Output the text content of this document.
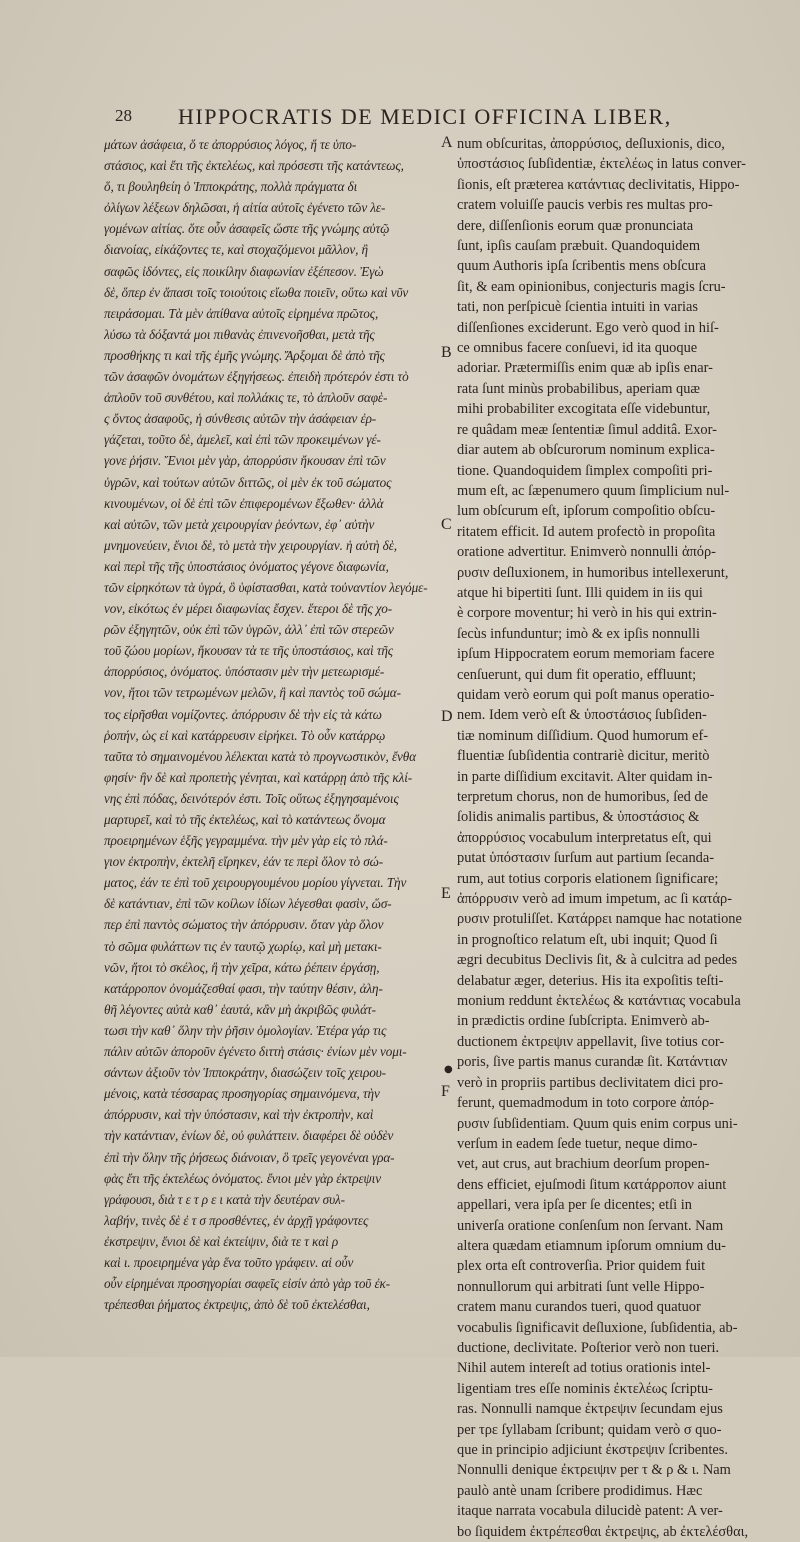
28 HIPPOCRATIS DE MEDICI OFFICINA LIBER,
μάτων ἀσάφεια, ὅ τε ἀπορρύσιος λόγος, ἥ τε ὑπο-
στάσιος, καὶ ἔτι τῆς ἐκτελέως, καὶ πρόσεστι τῆς κατάντεως,
ὅ, τι βουληθείη ὁ Ἱπποκράτης, πολλὰ πράγματα δι
ὀλίγων λέξεων δηλῶσαι, ἡ αἰτία αὐτοῖς ἐγένετο τῶν λε-
γομένων αἰτίας. ὅτε οὖν ἀσαφεῖς ὥστε τῆς γνώμης αὐτῷ
διανοίας, εἰκάζοντες τε, καὶ στοχαζόμενοι μᾶλλον, ἢ
σαφῶς ἰδόντες, εἰς ποικίλην διαφωνίαν ἐξέπεσον. Ἐγὼ
δὲ, ὅπερ ἐν ἅπασι τοῖς τοιούτοις εἴωθα ποιεῖν, οὕτω καὶ νῦν
πειράσομαι. Τὰ μὲν ἀπίθανα αὐτοῖς εἰρημένα πρῶτος,
λύσω τὰ δόξαντά μοι πιθανὰς ἐπινενοῆσθαι, μετὰ τῆς
προσθήκης τι καὶ τῆς ἐμῆς γνώμης. Ἄρξομαι δὲ ἀπὸ τῆς
τῶν ἀσαφῶν ὀνομάτων ἐξηγήσεως. ἐπειδὴ πρότερόν ἐστι τὸ
ἁπλοῦν τοῦ συνθέτου, καὶ πολλάκις τε, τὸ ἁπλοῦν σαφὲ-
ς ὄντος ἀσαφοῦς, ἡ σύνθεσις αὐτῶν τὴν ἀσάφειαν ἐρ-
γάζεται, τοῦτο δὲ, ἀμελεῖ, καὶ ἐπὶ τῶν προκειμένων γέ-
γονε ῥήσιν. Ἔνιοι μὲν γὰρ, ἀπορρύσιν ἤκουσαν ἐπὶ τῶν
ὑγρῶν, καὶ τούτων αὐτῶν διττῶς, οἱ μὲν ἐκ τοῦ σώματος
κινουμένων, οἱ δὲ ἐπὶ τῶν ἐπιφερομένων ἔξωθεν· ἀλλὰ
καὶ αὐτῶν, τῶν μετὰ χειρουργίαν ῥεόντων, ἐφ᾽ αὐτὴν
μνημονεύειν, ἔνιοι δὲ, τὸ μετὰ τὴν χειρουργίαν. ἡ αὐτὴ δὲ,
καὶ περὶ τῆς τῆς ὑποστάσιος ὀνόματος γέγονε διαφωνία,
τῶν εἰρηκότων τὰ ὑγρά, ὃ ὑφίστασθαι, κατὰ τοὐναντίον λεγόμε-
νον, εἰκότως ἐν μέρει διαφωνίας ἔσχεν. ἕτεροι δὲ τῆς χο-
ρῶν ἐξηγητῶν, οὐκ ἐπὶ τῶν ὑγρῶν, ἀλλ᾽ ἐπὶ τῶν στερεῶν
τοῦ ζώου μορίων, ἤκουσαν τὰ τε τῆς ὑποστάσιος, καὶ τῆς
ἀπορρύσιος, ὀνόματος. ὑπόστασιν μὲν τὴν μετεωρισμέ-
νον, ἤτοι τῶν τετρωμένων μελῶν, ἢ καὶ παντὸς τοῦ σώμα-
τος εἰρῆσθαι νομίζοντες. ἀπόρρυσιν δὲ τὴν εἰς τὰ κάτω
ῥοπήν, ὡς εἰ καὶ κατάρρευσιν εἰρήκει. Τὸ οὖν κατάρρῳ
ταῦτα τὸ σημαινομένου λέλεκται κατὰ τὸ προγνωστικὸν, ἔνθα
φησίν· ἢν δὲ καὶ προπετὴς γένηται, καὶ κατάρρῃ ἀπὸ τῆς κλί-
νης ἐπὶ πόδας, δεινότερόν ἐστι. Τοῖς οὕτως ἐξηγησαμένοις
μαρτυρεῖ, καὶ τὸ τῆς ἐκτελέως, καὶ τὸ κατάντεως ὄνομα
προειρημένων ἑξῆς γεγραμμένα. τὴν μὲν γὰρ εἰς τὸ πλά-
γιον ἐκτροπὴν, ἐκτελῆ εἴρηκεν, ἐάν τε περὶ ὅλον τὸ σώ-
ματος, ἐάν τε ἐπὶ τοῦ χειρουργουμένου μορίου γίγνεται. Τὴν
δὲ κατάντιαν, ἐπὶ τῶν κοίλων ἰδίων λέγεσθαι φασὶν, ὥσ-
περ ἐπὶ παντὸς σώματος τὴν ἀπόρρυσιν. ὅταν γὰρ ὅλον
τὸ σῶμα φυλάττων τις ἐν ταυτῷ χωρίῳ, καὶ μὴ μετακι-
νῶν, ἤτοι τὸ σκέλος, ἢ τὴν χεῖρα, κάτω ῥέπειν ἐργάσῃ,
κατάρροπον ὀνομάζεσθαί φασι, τὴν ταύτην θέσιν, ἀλη-
θῆ λέγοντες αὐτὰ καθ᾽ ἑαυτά, κἂν μὴ ἀκριβῶς φυλάτ-
τωσι τὴν καθ᾽ ὅλην τὴν ῥῆσιν ὁμολογίαν. Ἑτέρα γάρ τις
πάλιν αὐτῶν ἀποροῦν ἐγένετο διττὴ στάσις· ἐνίων μὲν νομι-
σάντων ἀξιοῦν τὸν Ἱπποκράτην, διασώζειν τοῖς χειρου-
μένοις, κατὰ τέσσαρας προσηγορίας σημαινόμενα, τὴν
ἀπόρρυσιν, καὶ τὴν ὑπόστασιν, καὶ τὴν ἐκτροπὴν, καὶ
τὴν κατάντιαν, ἐνίων δὲ, οὐ φυλάττειν. διαφέρει δὲ οὐδὲν
ἐπὶ τὴν ὅλην τῆς ῥήσεως διάνοιαν, ὃ τρεῖς γεγονέναι γρα-
φὰς ἔτι τῆς ἐκτελέως ὀνόματος. ἔνιοι μὲν γὰρ ἐκτρεψιν
γράφουσι, διὰ τ ε τ ρ ε ι κατὰ τὴν δευτέραν συλ-
λαβήν, τινὲς δὲ ἐ τ σ προσθέντες, ἐν ἀρχῇ γράφοντες
ἐκστρεψιν, ἔνιοι δὲ καὶ ἐκτείψιν, διὰ τε τ καὶ ρ
καὶ ι. προειρημένα γὰρ ἕνα τοῦτο γράφειν. αἱ οὖν
οὖν εἰρημέναι προσηγορίαι σαφεῖς εἰσίν ἀπὸ γὰρ τοῦ ἐκ-
τρέπεσθαι ῥήματος ἐκτρεψις, ἀπὸ δὲ τοῦ ἐκτελέσθαι,
num obſcuritas, ἀπορρύσιος, deſluxionis, dico,
ὑποστάσιος ſubſidentiæ, ἐκτελέως in latus conver-
ſionis, eſt præterea κατάντιας declivitatis, Hippo-
cratem voluiſſe paucis verbis res multas pro-
dere, diſſenſionis eorum quæ pronunciata
ſunt, ipſis cauſam præbuit. Quandoquidem
quum Authoris ipſa ſcribentis mens obſcura
ſit, & eam opinionibus, conjecturis magis ſcru-
tati, non perſpicuè ſcientia intuiti in varias
diſſenſiones exciderunt. Ego verò quod in hiſ-
ce omnibus facere conſuevi, id ita quoque
adoriar. Prætermiſſis enim quæ ab ipſis enar-
rata ſunt minùs probabilibus, aperiam quæ
mihi probabiliter excogitata eſſe videbuntur,
re quâdam meæ ſententiæ ſimul additâ. Exor-
diar autem ab obſcurorum nominum explica-
tione. Quandoquidem ſimplex compoſiti pri-
mum eſt, ac ſæpenumero quum ſimplicium nul-
lum obſcurum eſt, ipſorum compoſitio obſcu-
ritatem efficit. Id autem profectò in propoſita
oratione advertitur. Enimverò nonnulli ἀπόρ-
ρυσιν deſluxionem, in humoribus intellexerunt,
atque hi bipertiti ſunt. Illi quidem in iis qui
è corpore moventur; hi verò in his qui extrin-
ſecùs infunduntur; imò & ex ipſis nonnulli
ipſum Hippocratem eorum memoriam facere
cenſuerunt, qui dum fit operatio, effluunt;
quidam verò eorum qui poſt manus operatio-
nem. Idem verò eſt & ὑποστάσιος ſubſiden-
tiæ nominum diſſidium. Quod humorum ef-
fluentiæ ſubſidentia contrariè dicitur, meritò
in parte diſſidium excitavit. Alter quidam in-
terpretum chorus, non de humoribus, ſed de
ſolidis animalis partibus, & ὑποστάσιος &
ἀπορρύσιος vocabulum interpretatus eſt, qui
putat ὑπόστασιν ſurſum aut partium ſecanda-
rum, aut totius corporis elationem ſignificare;
ἀπόρρυσιν verò ad imum impetum, ac ſi κατάρ-
ρυσιν protuliſſet. Κατάρρει namque hac notatione
in prognoſtico relatum eſt, ubi inquit; Quod ſi
ægri decubitus Declivis ſit, & à culcitra ad pedes
delabatur æger, deterius. His ita expoſitis teſti-
monium reddunt ἐκτελέως & κατάντιας vocabula
in prædictis ordine ſubſcripta. Enimverò ab-
ductionem ἐκτρεψιν appellavit, ſive totius cor-
poris, ſive partis manus curandæ ſit. Κατάντιαν
verò in propriis partibus declivitatem dici pro-
ferunt, quemadmodum in toto corpore ἀπόρ-
ρυσιν ſubſidentiam. Quum quis enim corpus uni-
verſum in eadem ſede tuetur, neque dimo-
vet, aut crus, aut brachium deorſum propen-
dens efficiet, ejuſmodi ſitum κατάρροπον aiunt
appellari, vera ipſa per ſe dicentes; etſi in
univerſa oratione conſenſum non ſervant. Nam
altera quædam etiamnum ipſorum omnium du-
plex orta eſt controverſia. Prior quidem fuit
nonnullorum qui arbitrati ſunt velle Hippo-
cratem manu curandos tueri, quod quatuor
vocabulis ſignificavit deſluxione, ſubſidentia, ab-
ductione, declivitate. Poſterior verò non tueri.
Nihil autem intereſt ad totius orationis intel-
ligentiam tres eſſe nominis ἐκτελέως ſcriptu-
ras. Nonnulli namque ἐκτρεψιν ſecundam ejus
per τρε ſyllabam ſcribunt; quidam verò σ quo-
que in principio adjiciunt ἐκστρεψιν ſcribentes.
Nonnulli denique ἐκτρειψιν per τ & ρ & ι. Nam
paulò antè unam ſcribere prodidimus. Hæc
itaque narrata vocabula dilucidè patent: A ver-
bo ſiquidem ἐκτρέπεσθαι ἐκτρεψις, ab ἐκτελέσθαι,
A
B
C
D
E
●
F
